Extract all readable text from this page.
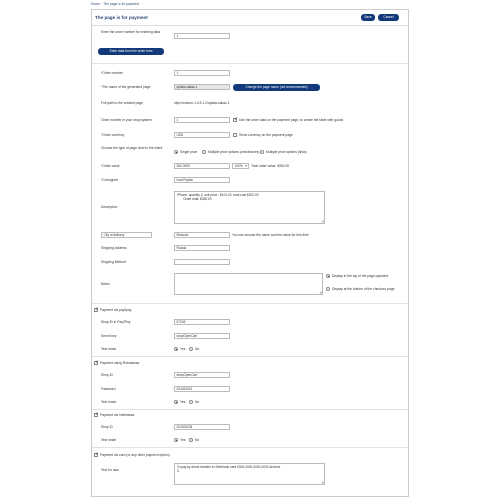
Home :: The page is for payment
The page is for payment	Save	Cancel
Enter the order number for entering data
1
Enter data from the order form
*Order number	1
*The name of the generated page	oplata-zakaz-1	Change the page name (not recommended)
Full path to the created page	http://ocstore-1.5.5.1.2/oplata-zakaz-1
Order number in your shop system	1 ✓	Use the order data on the payment page, to create the table with goods
*Order currency	USD	Show currency on the payment page
Choose the type of page view to the client
Single price	Multiple price options (checkboxes) Multiple price options (links)
*Order value	350.0000	100% ▾	Total order value: $350.00
*Consignee	Ivan Pupkin
Description
iPhone: quantity 2, unit price - $101.00, total cost $202.00
Order total: $350.00
◢
City of delivery	Moscow	You can choose the name and the value for this field
Shipping Address	Russia
Shipping Method
Notes
◢
Display in the top of the page payment
Display at the bottom of the checkout page
✓
Payment via pay2pay
Shop ID in Pay2Pay	57249
Secret key	shopOpenCart
Test mode	Yes	No
✓
Payment using Robokassa
Shop ID	shopOpenCart
Password	324324321
Test mode	Yes	No
✓
Payment via Interkassa
Shop ID	324324234
Test mode	Yes	No
✓
Payment via card (or any other payment option)
Text for user
To pay by direct transfer to Sberbank card 0000-0000-0000-0000 Andrew
C.
◢
